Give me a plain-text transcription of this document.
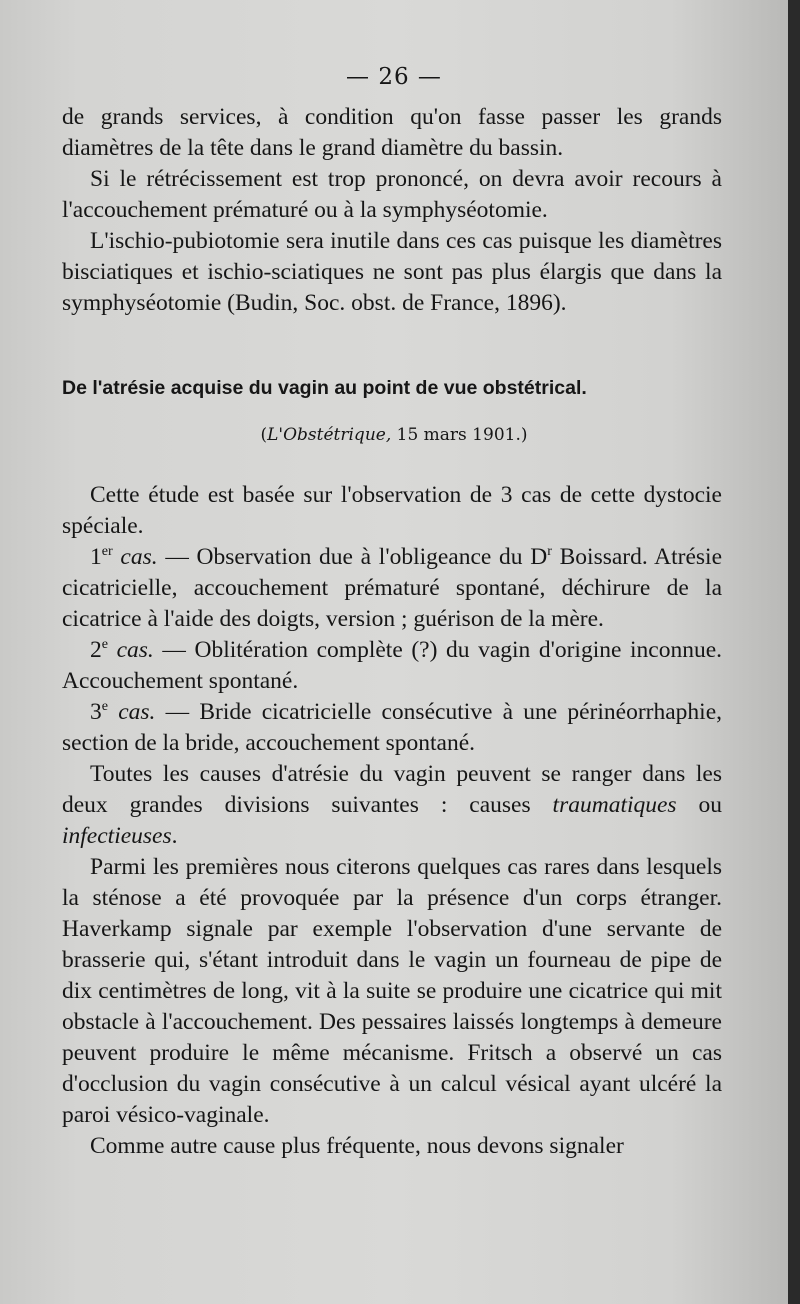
— 26 —

de grands services, à condition qu'on fasse passer les grands diamètres de la tête dans le grand diamètre du bassin.

Si le rétrécissement est trop prononcé, on devra avoir recours à l'accouchement prématuré ou à la symphyséotomie.

L'ischio-pubiotomie sera inutile dans ces cas puisque les diamètres bisciatiques et ischio-sciatiques ne sont pas plus élargis que dans la symphyséotomie (Budin, Soc. obst. de France, 1896).

De l'atrésie acquise du vagin au point de vue obstétrical.
(L'Obstétrique, 15 mars 1901.)

Cette étude est basée sur l'observation de 3 cas de cette dystocie spéciale.

1er cas. — Observation due à l'obligeance du $D^r$ Boissard. Atrésie cicatricielle, accouchement prématuré spontané, déchirure de la cicatrice à l'aide des doigts, version ; guérison de la mère.

2e cas. — Oblitération complète (?) du vagin d'origine inconnue. Accouchement spontané.

3e cas. — Bride cicatricielle consécutive à une périnéorrhaphie, section de la bride, accouchement spontané.

Toutes les causes d'atrésie du vagin peuvent se ranger dans les deux grandes divisions suivantes : causes traumatiques ou infectieuses.

Parmi les premières nous citerons quelques cas rares dans lesquels la sténose a été provoquée par la présence d'un corps étranger. Haverkamp signale par exemple l'observation d'une servante de brasserie qui, s'étant introduit dans le vagin un fourneau de pipe de dix centimètres de long, vit à la suite se produire une cicatrice qui mit obstacle à l'accouchement. Des pessaires laissés longtemps à demeure peuvent produire le même mécanisme. Fritsch a observé un cas d'occlusion du vagin consécutive à un calcul vésical ayant ulcéré la paroi vésico-vaginale.

Comme autre cause plus fréquente, nous devons signaler
